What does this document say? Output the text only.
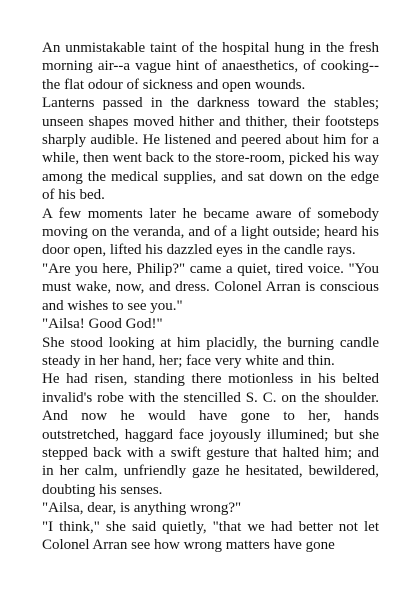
An unmistakable taint of the hospital hung in the fresh morning air--a vague hint of anaesthetics, of cooking--the flat odour of sickness and open wounds.

Lanterns passed in the darkness toward the stables; unseen shapes moved hither and thither, their footsteps sharply audible. He listened and peered about him for a while, then went back to the store-room, picked his way among the medical supplies, and sat down on the edge of his bed.

A few moments later he became aware of somebody moving on the veranda, and of a light outside; heard his door open, lifted his dazzled eyes in the candle rays.

"Are you here, Philip?" came a quiet, tired voice. "You must wake, now, and dress. Colonel Arran is conscious and wishes to see you."

"Ailsa! Good God!"

She stood looking at him placidly, the burning candle steady in her hand, her; face very white and thin.

He had risen, standing there motionless in his belted invalid's robe with the stencilled S. C. on the shoulder. And now he would have gone to her, hands outstretched, haggard face joyously illumined; but she stepped back with a swift gesture that halted him; and in her calm, unfriendly gaze he hesitated, bewildered, doubting his senses.

"Ailsa, dear, is anything wrong?"

"I think," she said quietly, "that we had better not let Colonel Arran see how wrong matters have gone
